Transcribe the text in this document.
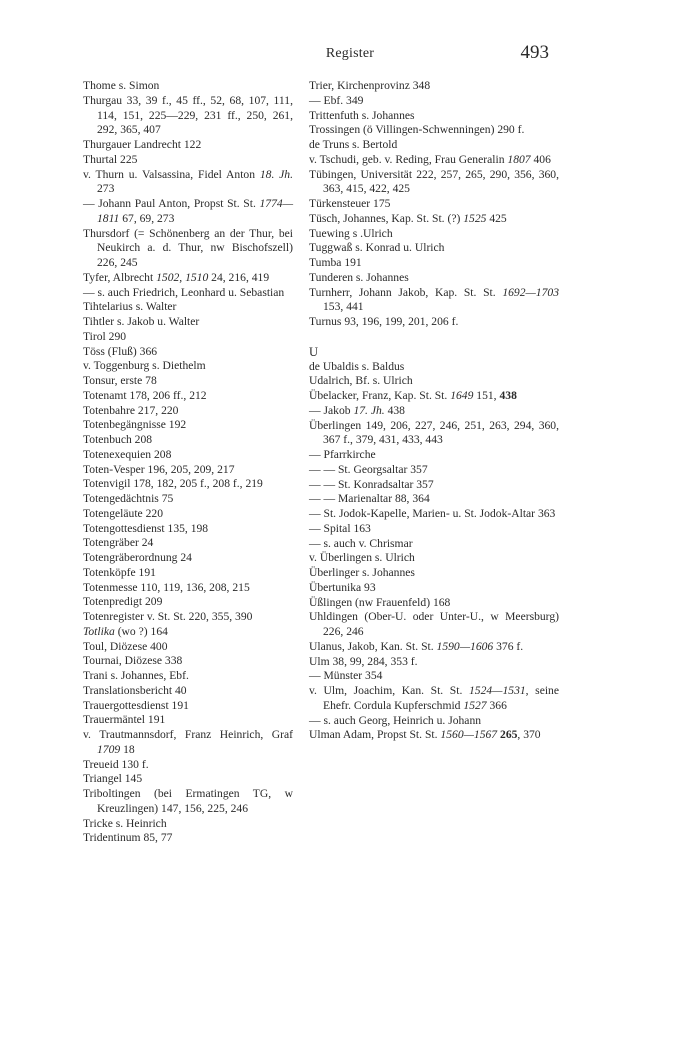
Register	493
Thome s. Simon
Thurgau 33, 39 f., 45 ff., 52, 68, 107, 111, 114, 151, 225—229, 231 ff., 250, 261, 292, 365, 407
Thurgauer Landrecht 122
Thurtal 225
v. Thurn u. Valsassina, Fidel Anton 18. Jh. 273
— Johann Paul Anton, Propst St. St. 1774—1811 67, 69, 273
Thursdorf (= Schönenberg an der Thur, bei Neukirch a. d. Thur, nw Bischofszell) 226, 245
Tyfer, Albrecht 1502, 1510 24, 216, 419
— s. auch Friedrich, Leonhard u. Sebastian
Tihtelarius s. Walter
Tihtler s. Jakob u. Walter
Tirol 290
Töss (Fluß) 366
v. Toggenburg s. Diethelm
Tonsur, erste 78
Totenamt 178, 206 ff., 212
Totenbahre 217, 220
Totenbegängnisse 192
Totenbuch 208
Totenexequien 208
Toten-Vesper 196, 205, 209, 217
Totenvigil 178, 182, 205 f., 208 f., 219
Totengedächtnis 75
Totengeläute 220
Totengottesdienst 135, 198
Totengräber 24
Totengräberordnung 24
Totenköpfe 191
Totenmesse 110, 119, 136, 208, 215
Totenpredigt 209
Totenregister v. St. St. 220, 355, 390
Totlika (wo ?) 164
Toul, Diözese 400
Tournai, Diözese 338
Trani s. Johannes, Ebf.
Translationsbericht 40
Trauergottesdienst 191
Trauermäntel 191
v. Trautmannsdorf, Franz Heinrich, Graf 1709 18
Treueid 130 f.
Triangel 145
Triboltingen (bei Ermatingen TG, w Kreuzlingen) 147, 156, 225, 246
Tricke s. Heinrich
Tridentinum 85, 77
Trier, Kirchenprovinz 348
— Ebf. 349
Trittenfuth s. Johannes
Trossingen (ö Villingen-Schwenningen) 290 f.
de Truns s. Bertold
v. Tschudi, geb. v. Reding, Frau Generalin 1807 406
Tübingen, Universität 222, 257, 265, 290, 356, 360, 363, 415, 422, 425
Türkensteuer 175
Tüsch, Johannes, Kap. St. St. (?) 1525 425
Tuewing s .Ulrich
Tuggwaß s. Konrad u. Ulrich
Tumba 191
Tunderen s. Johannes
Turnherr, Johann Jakob, Kap. St. St. 1692—1703 153, 441
Turnus 93, 196, 199, 201, 206 f.
U
de Ubaldis s. Baldus
Udalrich, Bf. s. Ulrich
Übelacker, Franz, Kap. St. St. 1649 151, 438
— Jakob 17. Jh. 438
Überlingen 149, 206, 227, 246, 251, 263, 294, 360, 367 f., 379, 431, 433, 443
— Pfarrkirche
— — St. Georgsaltar 357
— — St. Konradsaltar 357
— — Marienaltar 88, 364
— St. Jodok-Kapelle, Marien- u. St. Jodok-Altar 363
— Spital 163
— s. auch v. Chrismar
v. Überlingen s. Ulrich
Überlinger s. Johannes
Übertunika 93
Üßlingen (nw Frauenfeld) 168
Uhldingen (Ober-U. oder Unter-U., w Meersburg) 226, 246
Ulanus, Jakob, Kan. St. St. 1590—1606 376 f.
Ulm 38, 99, 284, 353 f.
— Münster 354
v. Ulm, Joachim, Kan. St. St. 1524—1531, seine Ehefr. Cordula Kupferschmid 1527 366
— s. auch Georg, Heinrich u. Johann
Ulman Adam, Propst St. St. 1560—1567 265, 370
